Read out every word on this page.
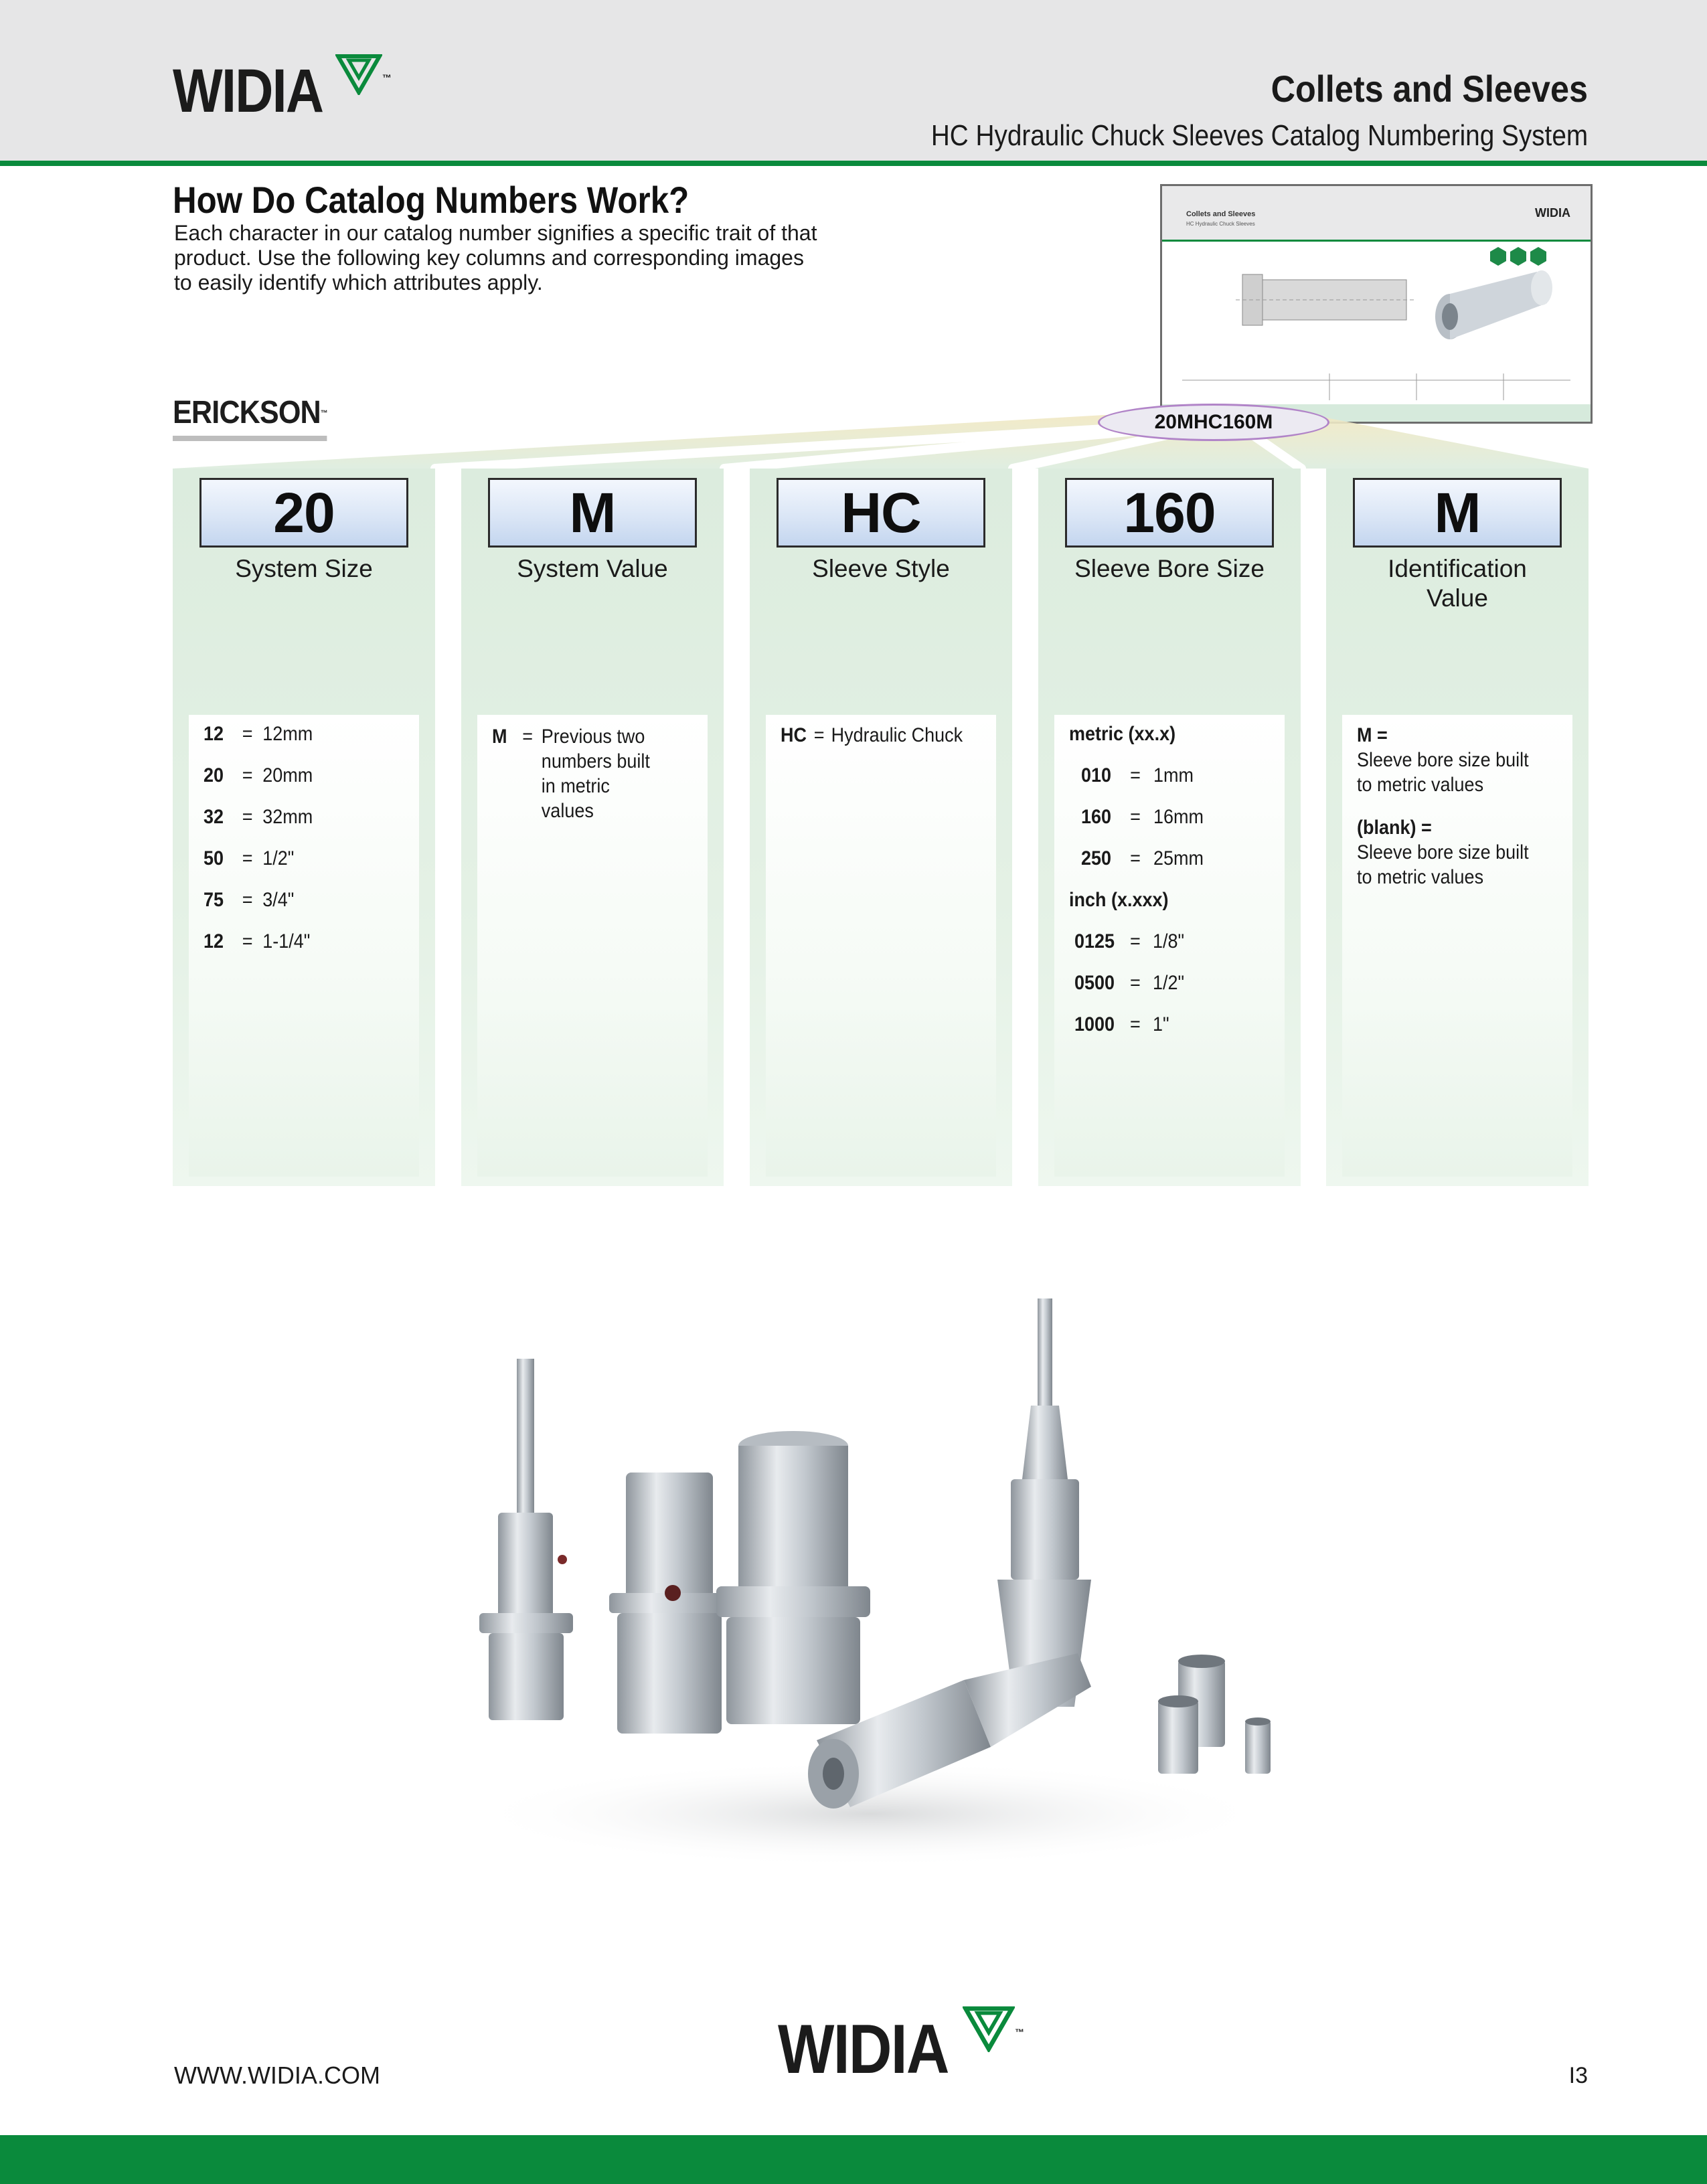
WIDIA	™	Collets and Sleeves
HC Hydraulic Chuck Sleeves Catalog Numbering System
How Do Catalog Numbers Work?
Each character in our catalog number signifies a specific trait of that
product. Use the following key columns and corresponding images
to easily identify which attributes apply.
Collets and Sleeves
HC Hydraulic Chuck Sleeves
WIDIA
ERICKSON™	20MHC160M
20
System Size
12 = 12mm
20 = 20mm
32 = 32mm
50 = 1/2"
75 = 3/4"
12 = 1-1/4"
M
System Value
M = Previous two
numbers built
in metric
values
HC
Sleeve Style
HC = Hydraulic Chuck
160
Sleeve Bore Size
metric (xx.x)
010 = 1mm
160 = 16mm
250 = 25mm
inch (x.xxx)
0125 = 1/8"
0500 = 1/2"
1000 = 1"
M
Identification
Value
M =
Sleeve bore size built
to metric values
(blank) =
Sleeve bore size built
to metric values
WIDIA	™
WWW.WIDIA.COM	I3
